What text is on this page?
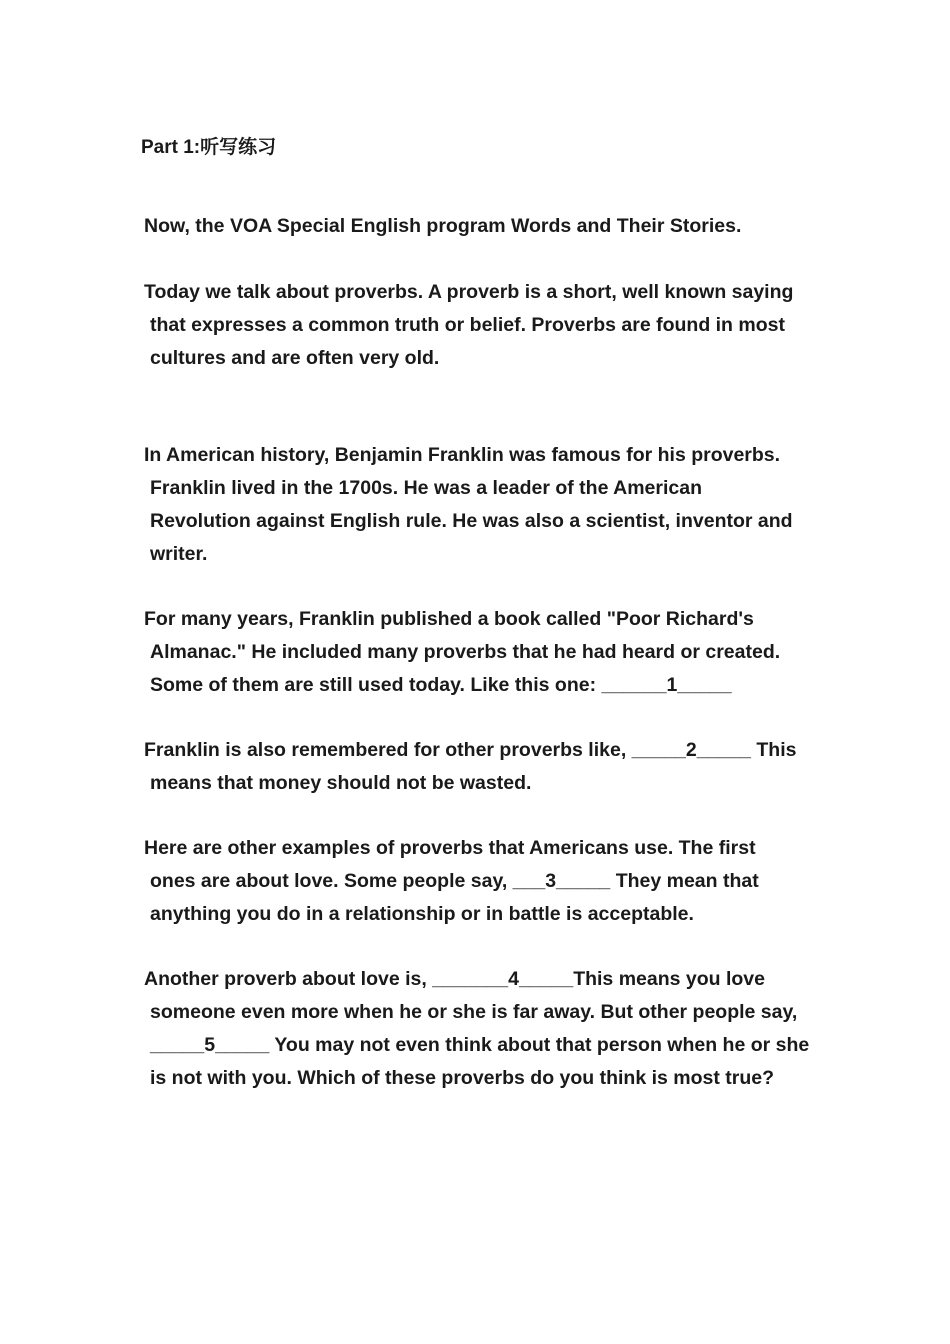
Part 1:听写练习
Now, the VOA Special English program Words and Their Stories.
Today we talk about proverbs. A proverb is a short, well known saying
that expresses a common truth or belief. Proverbs are found in most
cultures and are often very old.
In American history, Benjamin Franklin was famous for his proverbs.
Franklin lived in the 1700s. He was a leader of the American
Revolution against English rule. He was also a scientist, inventor and
writer.
For many years, Franklin published a book called "Poor Richard's
Almanac." He included many proverbs that he had heard or created.
Some of them are still used today. Like this one: ______1_____
Franklin is also remembered for other proverbs like, _____2_____ This
means that money should not be wasted.
Here are other examples of proverbs that Americans use. The first
ones are about love. Some people say, ___3_____ They mean that
anything you do in a relationship or in battle is acceptable.
Another proverb about love is, _______4_____This means you love
someone even more when he or she is far away. But other people say,
_____5_____ You may not even think about that person when he or she
is not with you. Which of these proverbs do you think is most true?
